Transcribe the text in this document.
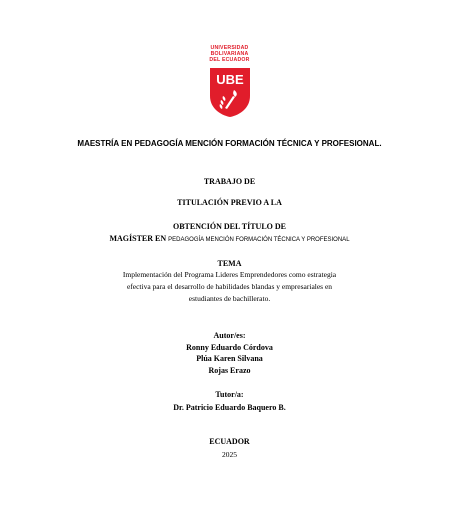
UNIVERSIDAD
BOLIVARIANA
DEL ECUADOR
UBE
MAESTRÍA EN PEDAGOGÍA MENCIÓN FORMACIÓN TÉCNICA Y PROFESIONAL.
TRABAJO DE
TITULACIÓN PREVIO A LA
OBTENCIÓN DEL TÍTULO DE
MAGÍSTER EN PEDAGOGÍA MENCIÓN FORMACIÓN TÉCNICA Y PROFESIONAL
TEMA
Implementación del Programa Lideres Emprendedores como estrategia
efectiva para el desarrollo de habilidades blandas y empresariales en
estudiantes de bachillerato.
Autor/es:
Ronny Eduardo Córdova
Plúa Karen Silvana
Rojas Erazo
Tutor/a:
Dr. Patricio Eduardo Baquero B.
ECUADOR
2025
